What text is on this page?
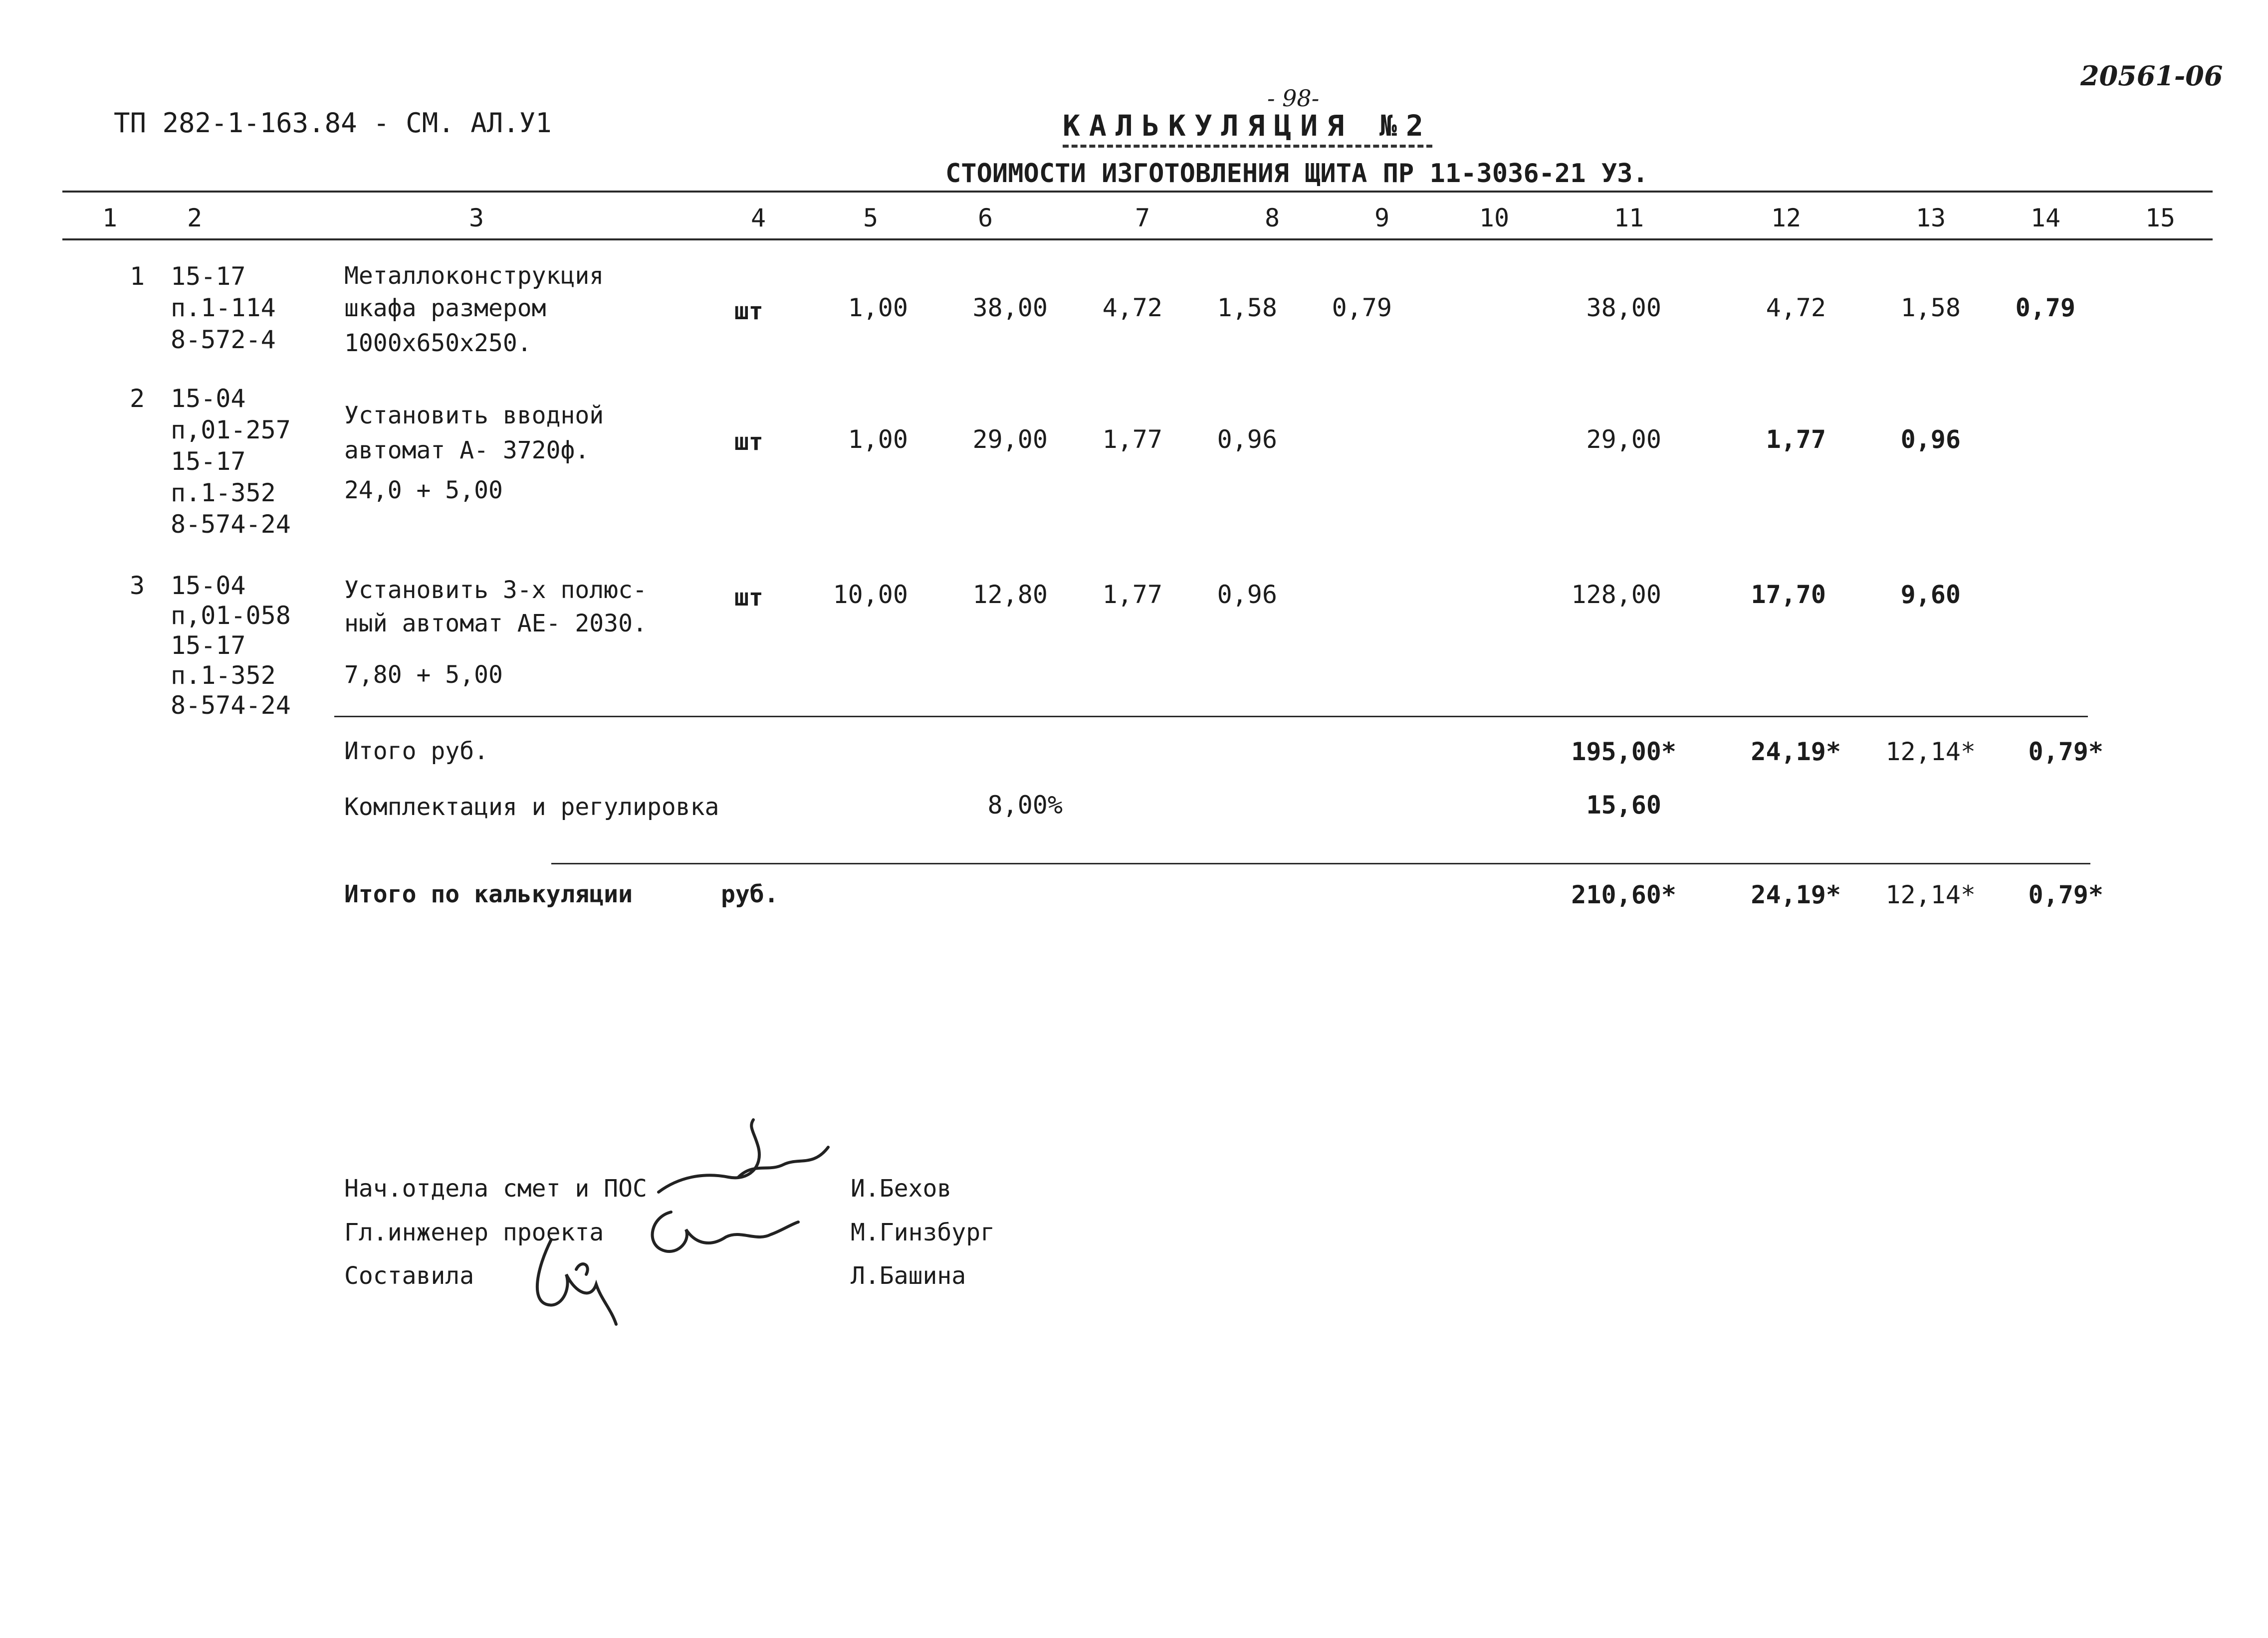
ТП 282-1-163.84 - СМ. АЛ.У1
- 98-
20561-06
КАЛЬКУЛЯЦИЯ №2
СТОИМОСТИ ИЗГОТОВЛЕНИЯ ЩИТА ПР 11-3036-21 УЗ.
1	2	3	4	5	6	7	8	9	10	11	12	13	14	15
1 15-17
п.1-114
8-572-4
Металлоконструкция
шкафа размером
1000х650х250.
шт	1,00	38,00 4,72 1,58 0,79	38,00	4,72	1,58 0,79
2 15-04
п,01-257
15-17
п.1-352
8-574-24
Установить вводной
автомат А- 3720ф.
24,0 + 5,00
шт	1,00	29,00 1,77 0,96	29,00	1,77	0,96
3 15-04
п,01-058
15-17
п.1-352
8-574-24
Установить 3-х полюс-
ный автомат АЕ- 2030.
7,80 + 5,00
шт	10,00	12,80 1,77 0,96	128,00	17,70	9,60
Итого руб.	195,00*	24,19* 12,14* 0,79*
Комплектация и регулировка	8,00%	15,60
Итого по калькуляции	руб.	210,60*	24,19* 12,14* 0,79*
Нач.отдела смет и ПОС
Гл.инженер проекта
Составила
И.Бехов
М.Гинзбург
Л.Башина
